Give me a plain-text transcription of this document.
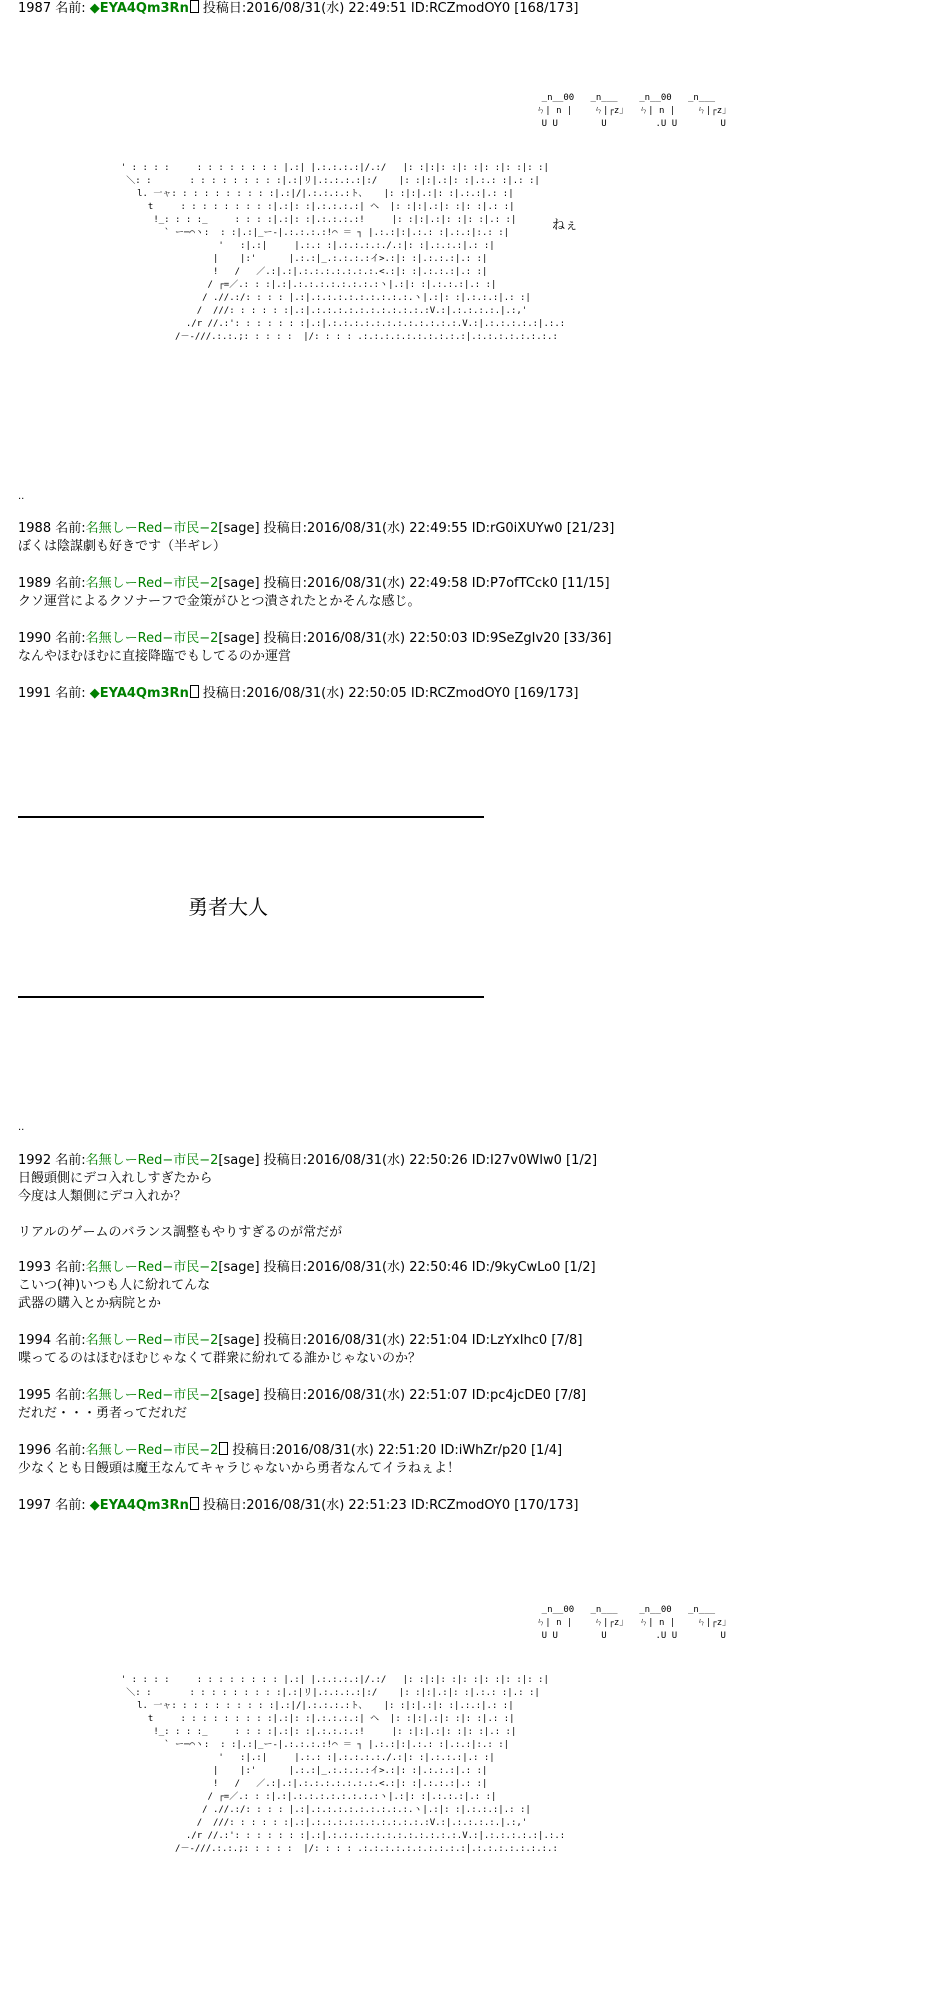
1987 名前: ◆EYA4Qm3Rn 投稿日:2016/08/31(水) 22:49:51 ID:RCZmodOY0 [168/173]
_n__00   _n___    _n__00   _n___
ㄣ| n |    ㄣ|┌z」  ㄣ| n |    ㄣ|┌z」
U U        U         .U U        U
' : : : :     : : : : : : : : |.:| |.:.:.:.:|/.:/   |: :|:|: :|: :|: :|: :|: :|
＼: :       : : : : : : : : :|.:|リ|.:.:.:.:|:/    |: :|:|.:|: :|.:.: :|.: :|
l. 一ャ: : : : : : : : : :|.:|/|.:.:.:.:ト、   |: :|:|.:|: :|.:.:|.: :|
t     : : : : : : : : :|.:|: :|.:.:.:.:| ヘ  |: :|:|.:|: :|: :|.: :|
!_: : : :_     : : : :|.:|: :|.:.:.:.:!     |: :|:|.:|: :|: :|.: :|
` ー─⌒ヽ:  : :|.:|_ー-|.:.:.:.:!⌒ ＝ ┐ |.:.:|:|.:.: :|.:.:|:.: :|
'   :|.:|     |.:.: :|.:.:.:.:./.:|: :|.:.:.:|.: :|
|    |:'      |.:.:|_.:.:.:.:イ>.:|: :|.:.:.:|.: :|
!   /   ／.:|.:|.:.:.:.:.:.:.:.<.:|: :|.:.:.:|.: :|
/ ┌=／.: : :|.:|.:.:.:.:.:.:.:.:ヽ|.:|: :|.:.:.:|.: :|
/ .//.:/: : : : |.:|.:.:.:.:.:.:.:.:.:.ヽ|.:|: :|.:.:.:|.: :|
/  ///: : : : : :|.:|.:.:.:.:.:.:.:.:.:.:.:V.:|.:.:.:.:.|.:,'
./r //.:': : : : : : :|.:|.:.:.:.:.:.:.:.:.:.:.:.:.V.:|.:.:.:.:.:|.:.:
/－-///.:.:.;: : : : :  |/: : : : .:.:.:.:.:.:.:.:.:.:|.:.:.:.:.:.:.:.:
ねぇ
..
1988 名前:名無しーRed−市民−2[sage] 投稿日:2016/08/31(水) 22:49:55 ID:rG0iXUYw0 [21/23]
ぼくは陰謀劇も好きです（半ギレ）
1989 名前:名無しーRed−市民−2[sage] 投稿日:2016/08/31(水) 22:49:58 ID:P7ofTCck0 [11/15]
クソ運営によるクソナーフで金策がひとつ潰されたとかそんな感じ。
1990 名前:名無しーRed−市民−2[sage] 投稿日:2016/08/31(水) 22:50:03 ID:9SeZgIv20 [33/36]
なんやほむほむに直接降臨でもしてるのか運営
1991 名前: ◆EYA4Qm3Rn 投稿日:2016/08/31(水) 22:50:05 ID:RCZmodOY0 [169/173]
勇者大人
..
1992 名前:名無しーRed−市民−2[sage] 投稿日:2016/08/31(水) 22:50:26 ID:I27v0WIw0 [1/2]
日饅頭側にデコ入れしすぎたから
今度は人類側にデコ入れか？

リアルのゲームのバランス調整もやりすぎるのが常だが
1993 名前:名無しーRed−市民−2[sage] 投稿日:2016/08/31(水) 22:50:46 ID:/9kyCwLo0 [1/2]
こいつ(神)いつも人に紛れてんな
武器の購入とか病院とか
1994 名前:名無しーRed−市民−2[sage] 投稿日:2016/08/31(水) 22:51:04 ID:LzYxIhc0 [7/8]
喋ってるのはほむほむじゃなくて群衆に紛れてる誰かじゃないのか？
1995 名前:名無しーRed−市民−2[sage] 投稿日:2016/08/31(水) 22:51:07 ID:pc4jcDE0 [7/8]
だれだ・・・勇者ってだれだ
1996 名前:名無しーRed−市民−2 投稿日:2016/08/31(水) 22:51:20 ID:iWhZr/p20 [1/4]
少なくとも日饅頭は魔王なんてキャラじゃないから勇者なんてイラねぇよ！
1997 名前: ◆EYA4Qm3Rn 投稿日:2016/08/31(水) 22:51:23 ID:RCZmodOY0 [170/173]
_n__00   _n___    _n__00   _n___
ㄣ| n |    ㄣ|┌z」  ㄣ| n |    ㄣ|┌z」
U U        U         .U U        U
' : : : :     : : : : : : : : |.:| |.:.:.:.:|/.:/   |: :|:|: :|: :|: :|: :|: :|
＼: :       : : : : : : : : :|.:|リ|.:.:.:.:|:/    |: :|:|.:|: :|.:.: :|.: :|
l. 一ャ: : : : : : : : : :|.:|/|.:.:.:.:ト、   |: :|:|.:|: :|.:.:|.: :|
t     : : : : : : : : :|.:|: :|.:.:.:.:| ヘ  |: :|:|.:|: :|: :|.: :|
!_: : : :_     : : : :|.:|: :|.:.:.:.:!     |: :|:|.:|: :|: :|.: :|
` ー─⌒ヽ:  : :|.:|_ー-|.:.:.:.:!⌒ ＝ ┐ |.:.:|:|.:.: :|.:.:|:.: :|
'   :|.:|     |.:.: :|.:.:.:.:./.:|: :|.:.:.:|.: :|
|    |:'      |.:.:|_.:.:.:.:イ>.:|: :|.:.:.:|.: :|
!   /   ／.:|.:|.:.:.:.:.:.:.:.<.:|: :|.:.:.:|.: :|
/ ┌=／.: : :|.:|.:.:.:.:.:.:.:.:ヽ|.:|: :|.:.:.:|.: :|
/ .//.:/: : : : |.:|.:.:.:.:.:.:.:.:.:.ヽ|.:|: :|.:.:.:|.: :|
/  ///: : : : : :|.:|.:.:.:.:.:.:.:.:.:.:.:V.:|.:.:.:.:.|.:,'
./r //.:': : : : : : :|.:|.:.:.:.:.:.:.:.:.:.:.:.:.V.:|.:.:.:.:.:|.:.:
/－-///.:.:.;: : : : :  |/: : : : .:.:.:.:.:.:.:.:.:.:|.:.:.:.:.:.:.:.:
